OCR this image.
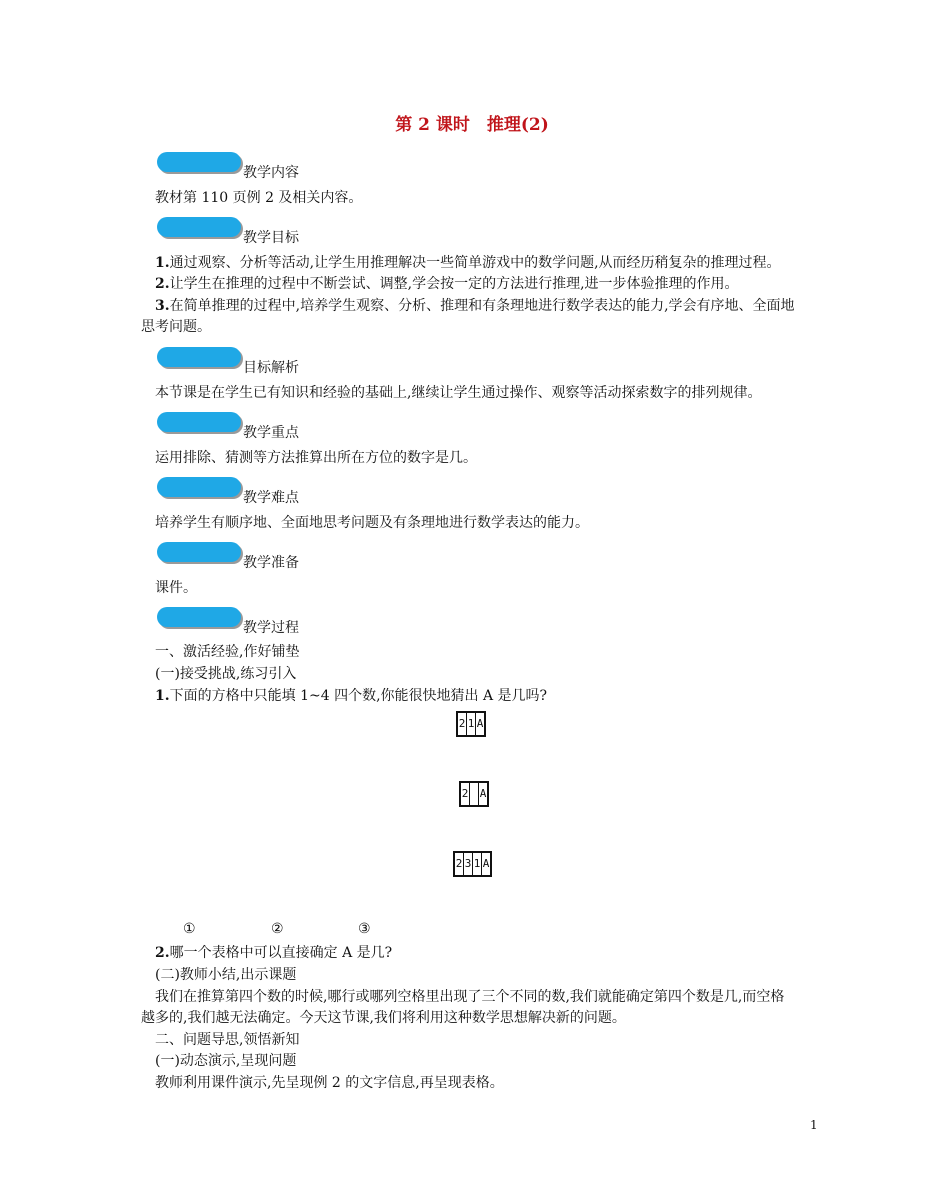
第 2 课时　推理(2)
教学内容
教材第 110 页例 2 及相关内容。
教学目标
1.通过观察、分析等活动,让学生用推理解决一些简单游戏中的数学问题,从而经历稍复杂的推理过程。
2.让学生在推理的过程中不断尝试、调整,学会按一定的方法进行推理,进一步体验推理的作用。
3.在简单推理的过程中,培养学生观察、分析、推理和有条理地进行数学表达的能力,学会有序地、全面地
思考问题。
目标解析
本节课是在学生已有知识和经验的基础上,继续让学生通过操作、观察等活动探索数字的排列规律。
教学重点
运用排除、猜测等方法推算出所在方位的数字是几。
教学难点
培养学生有顺序地、全面地思考问题及有条理地进行数学表达的能力。
教学准备
课件。
教学过程
一、激活经验,作好铺垫
(一)接受挑战,练习引入
1.下面的方格中只能填 1~4 四个数,你能很快地猜出 A 是几吗?
2 1 A
2 A
2 3 1 A
①	②	③
2.哪一个表格中可以直接确定 A 是几?
(二)教师小结,出示课题
我们在推算第四个数的时候,哪行或哪列空格里出现了三个不同的数,我们就能确定第四个数是几,而空格
越多的,我们越无法确定。今天这节课,我们将利用这种数学思想解决新的问题。
二、问题导思,领悟新知
(一)动态演示,呈现问题
教师利用课件演示,先呈现例 2 的文字信息,再呈现表格。
1
